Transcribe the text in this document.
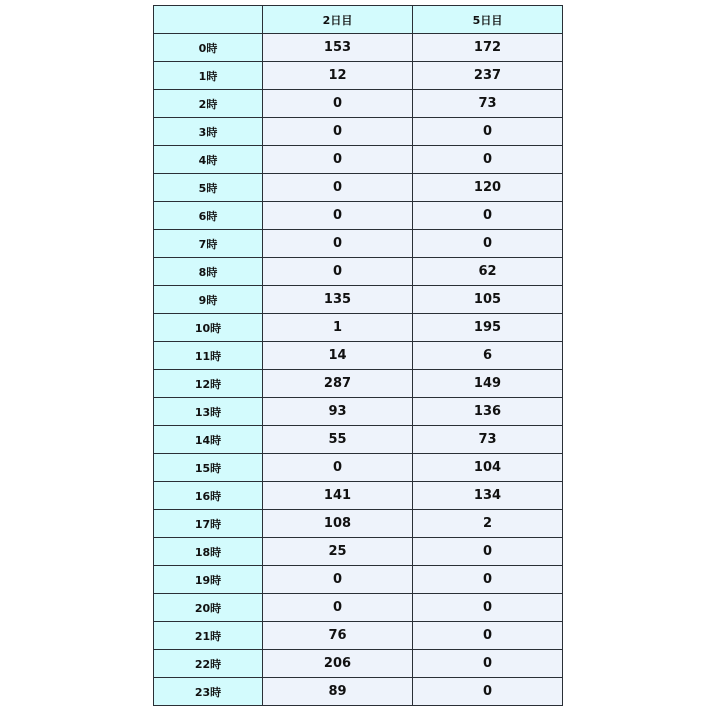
	2日目	5日目
0時	153	172
1時	12	237
2時	0	73
3時	0	0
4時	0	0
5時	0	120
6時	0	0
7時	0	0
8時	0	62
9時	135	105
10時	1	195
11時	14	6
12時	287	149
13時	93	136
14時	55	73
15時	0	104
16時	141	134
17時	108	2
18時	25	0
19時	0	0
20時	0	0
21時	76	0
22時	206	0
23時	89	0
